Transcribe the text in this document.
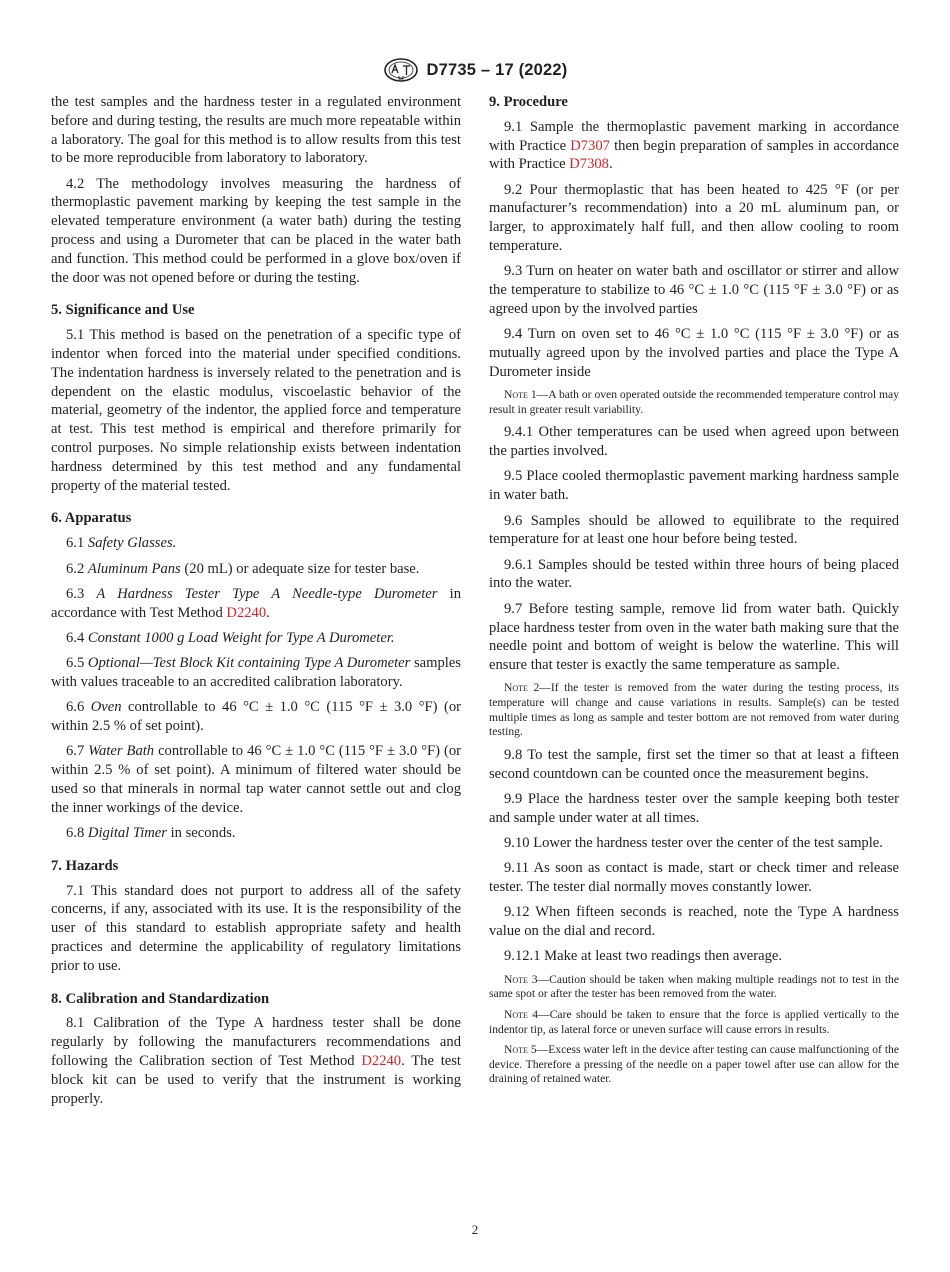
D7735 – 17 (2022)

the test samples and the hardness tester in a regulated environment before and during testing, the results are much more repeatable within a laboratory. The goal for this method is to allow results from this test to be more reproducible from laboratory to laboratory.

4.2 The methodology involves measuring the hardness of thermoplastic pavement marking by keeping the test sample in the elevated temperature environment (a water bath) during the testing process and using a Durometer that can be placed in the water bath and function. This method could be performed in a glove box/oven if the door was not opened before or during the testing.

5. Significance and Use

5.1 This method is based on the penetration of a specific type of indentor when forced into the material under specified conditions. The indentation hardness is inversely related to the penetration and is dependent on the elastic modulus, viscoelastic behavior of the material, geometry of the indentor, the applied force and temperature at test. This test method is empirical and therefore primarily for control purposes. No simple relationship exists between indentation hardness determined by this test method and any fundamental property of the material tested.

6. Apparatus

6.1 Safety Glasses.

6.2 Aluminum Pans (20 mL) or adequate size for tester base.

6.3 A Hardness Tester Type A Needle-type Durometer in accordance with Test Method D2240.

6.4 Constant 1000 g Load Weight for Type A Durometer.

6.5 Optional—Test Block Kit containing Type A Durometer samples with values traceable to an accredited calibration laboratory.

6.6 Oven controllable to 46 °C ± 1.0 °C (115 °F ± 3.0 °F) (or within 2.5 % of set point).

6.7 Water Bath controllable to 46 °C ± 1.0 °C (115 °F ± 3.0 °F) (or within 2.5 % of set point). A minimum of filtered water should be used so that minerals in normal tap water cannot settle out and clog the inner workings of the device.

6.8 Digital Timer in seconds.

7. Hazards

7.1 This standard does not purport to address all of the safety concerns, if any, associated with its use. It is the responsibility of the user of this standard to establish appropriate safety and health practices and determine the applicability of regulatory limitations prior to use.

8. Calibration and Standardization

8.1 Calibration of the Type A hardness tester shall be done regularly by following the manufacturers recommendations and following the Calibration section of Test Method D2240. The test block kit can be used to verify that the instrument is working properly.

9. Procedure

9.1 Sample the thermoplastic pavement marking in accordance with Practice D7307 then begin preparation of samples in accordance with Practice D7308.

9.2 Pour thermoplastic that has been heated to 425 °F (or per manufacturer’s recommendation) into a 20 mL aluminum pan, or larger, to approximately half full, and then allow cooling to room temperature.

9.3 Turn on heater on water bath and oscillator or stirrer and allow the temperature to stabilize to 46 °C ± 1.0 °C (115 °F ± 3.0 °F) or as agreed upon by the involved parties

9.4 Turn on oven set to 46 °C ± 1.0 °C (115 °F ± 3.0 °F) or as mutually agreed upon by the involved parties and place the Type A Durometer inside

Note 1—A bath or oven operated outside the recommended temperature control may result in greater result variability.

9.4.1 Other temperatures can be used when agreed upon between the parties involved.

9.5 Place cooled thermoplastic pavement marking hardness sample in water bath.

9.6 Samples should be allowed to equilibrate to the required temperature for at least one hour before being tested.

9.6.1 Samples should be tested within three hours of being placed into the water.

9.7 Before testing sample, remove lid from water bath. Quickly place hardness tester from oven in the water bath making sure that the needle point and bottom of weight is below the waterline. This will ensure that tester is exactly the same temperature as sample.

Note 2—If the tester is removed from the water during the testing process, its temperature will change and cause variations in results. Sample(s) can be tested multiple times as long as sample and tester bottom are not removed from water during testing.

9.8 To test the sample, first set the timer so that at least a fifteen second countdown can be counted once the measurement begins.

9.9 Place the hardness tester over the sample keeping both tester and sample under water at all times.

9.10 Lower the hardness tester over the center of the test sample.

9.11 As soon as contact is made, start or check timer and release tester. The tester dial normally moves constantly lower.

9.12 When fifteen seconds is reached, note the Type A hardness value on the dial and record.

9.12.1 Make at least two readings then average.

Note 3—Caution should be taken when making multiple readings not to test in the same spot or after the tester has been removed from the water.
Note 4—Care should be taken to ensure that the force is applied vertically to the indentor tip, as lateral force or uneven surface will cause errors in results.
Note 5—Excess water left in the device after testing can cause malfunctioning of the device. Therefore a pressing of the needle on a paper towel after use can allow for the draining of retained water.
2
